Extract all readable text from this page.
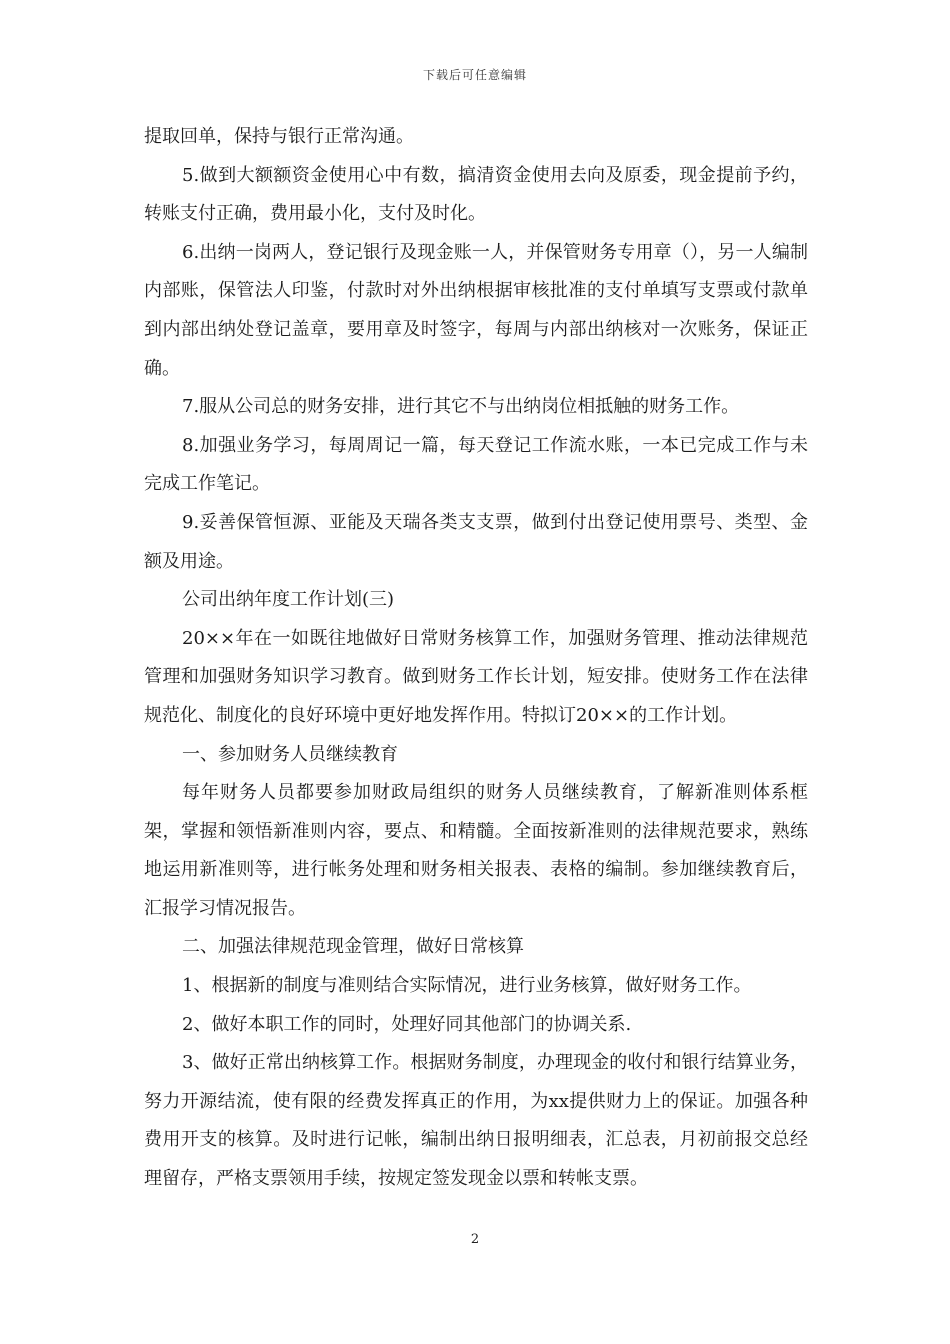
下载后可任意编辑

提取回单，保持与银行正常沟通。

5.做到大额额资金使用心中有数，搞清资金使用去向及原委，现金提前予约，转账支付正确，费用最小化，支付及时化。

6.出纳一岗两人，登记银行及现金账一人，并保管财务专用章（），另一人编制内部账，保管法人印鉴，付款时对外出纳根据审核批准的支付单填写支票或付款单到内部出纳处登记盖章，要用章及时签字，每周与内部出纳核对一次账务，保证正确。

7.服从公司总的财务安排，进行其它不与出纳岗位相抵触的财务工作。

8.加强业务学习，每周周记一篇，每天登记工作流水账，一本已完成工作与未完成工作笔记。

9.妥善保管恒源、亚能及天瑞各类支支票，做到付出登记使用票号、类型、金额及用途。

公司出纳年度工作计划(三)

20××年在一如既往地做好日常财务核算工作，加强财务管理、推动法律规范管理和加强财务知识学习教育。做到财务工作长计划，短安排。使财务工作在法律规范化、制度化的良好环境中更好地发挥作用。特拟订20××的工作计划。

一、参加财务人员继续教育

每年财务人员都要参加财政局组织的财务人员继续教育，了解新准则体系框架，掌握和领悟新准则内容，要点、和精髓。全面按新准则的法律规范要求，熟练地运用新准则等，进行帐务处理和财务相关报表、表格的编制。参加继续教育后，汇报学习情况报告。

二、加强法律规范现金管理，做好日常核算

1、根据新的制度与准则结合实际情况，进行业务核算，做好财务工作。

2、做好本职工作的同时，处理好同其他部门的协调关系.

3、做好正常出纳核算工作。根据财务制度，办理现金的收付和银行结算业务，努力开源结流，使有限的经费发挥真正的作用，为xx提供财力上的保证。加强各种费用开支的核算。及时进行记帐，编制出纳日报明细表，汇总表，月初前报交总经理留存，严格支票领用手续，按规定签发现金以票和转帐支票。

2
